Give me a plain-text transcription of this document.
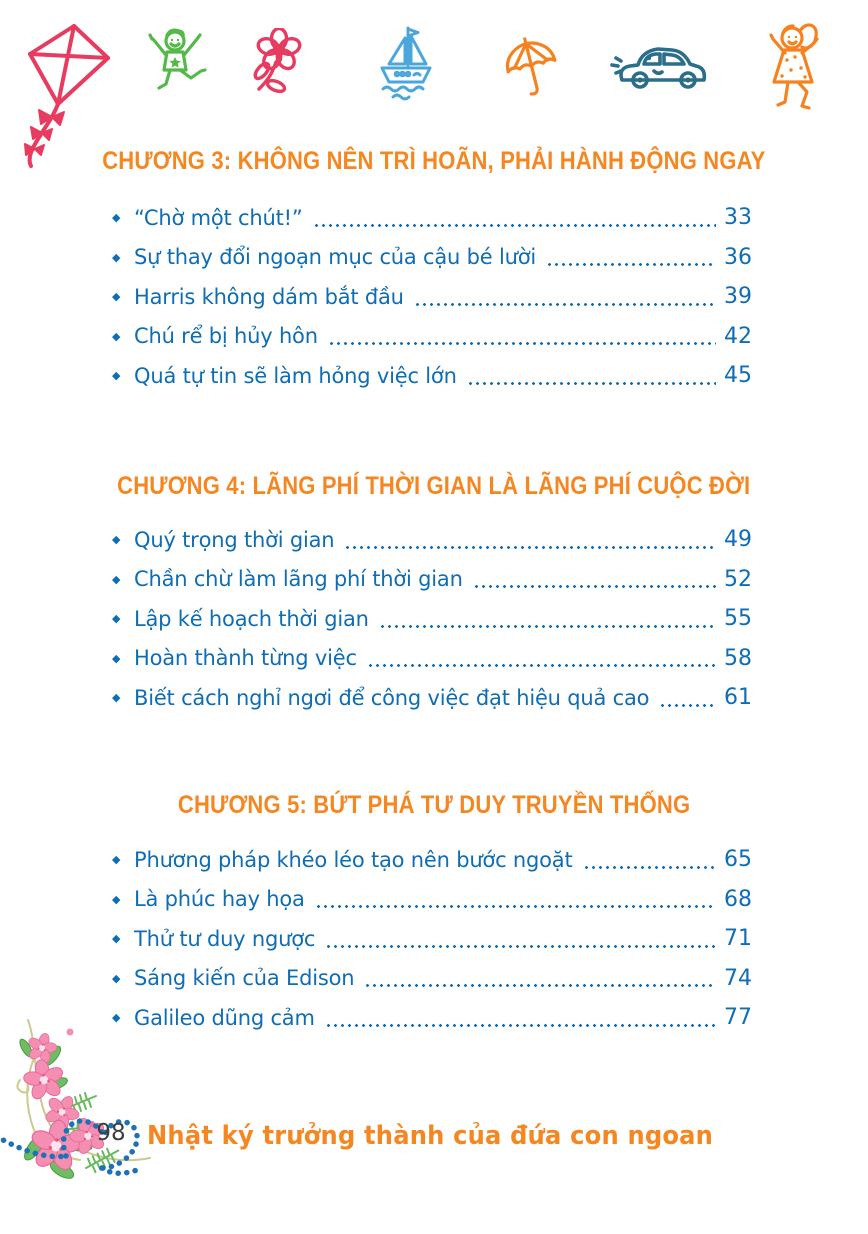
CHƯƠNG 3: KHÔNG NÊN TRÌ HOÃN, PHẢI HÀNH ĐỘNG NGAY
◆ “Chờ một chút!”	33
◆ Sự thay đổi ngoạn mục của cậu bé lười	36
◆ Harris không dám bắt đầu	39
◆ Chú rể bị hủy hôn	42
◆ Quá tự tin sẽ làm hỏng việc lớn	45
CHƯƠNG 4: LÃNG PHÍ THỜI GIAN LÀ LÃNG PHÍ CUỘC ĐỜI
◆ Quý trọng thời gian	49
◆ Chần chừ làm lãng phí thời gian	52
◆ Lập kế hoạch thời gian	55
◆ Hoàn thành từng việc	58
◆ Biết cách nghỉ ngơi để công việc đạt hiệu quả cao	61
CHƯƠNG 5: BỨT PHÁ TƯ DUY TRUYỀN THỐNG
◆ Phương pháp khéo léo tạo nên bước ngoặt	65
◆ Là phúc hay họa	68
◆ Thử tư duy ngược	71
◆ Sáng kiến của Edison	74
◆ Galileo dũng cảm	77
98 Nhật ký trưởng thành của đứa con ngoan
